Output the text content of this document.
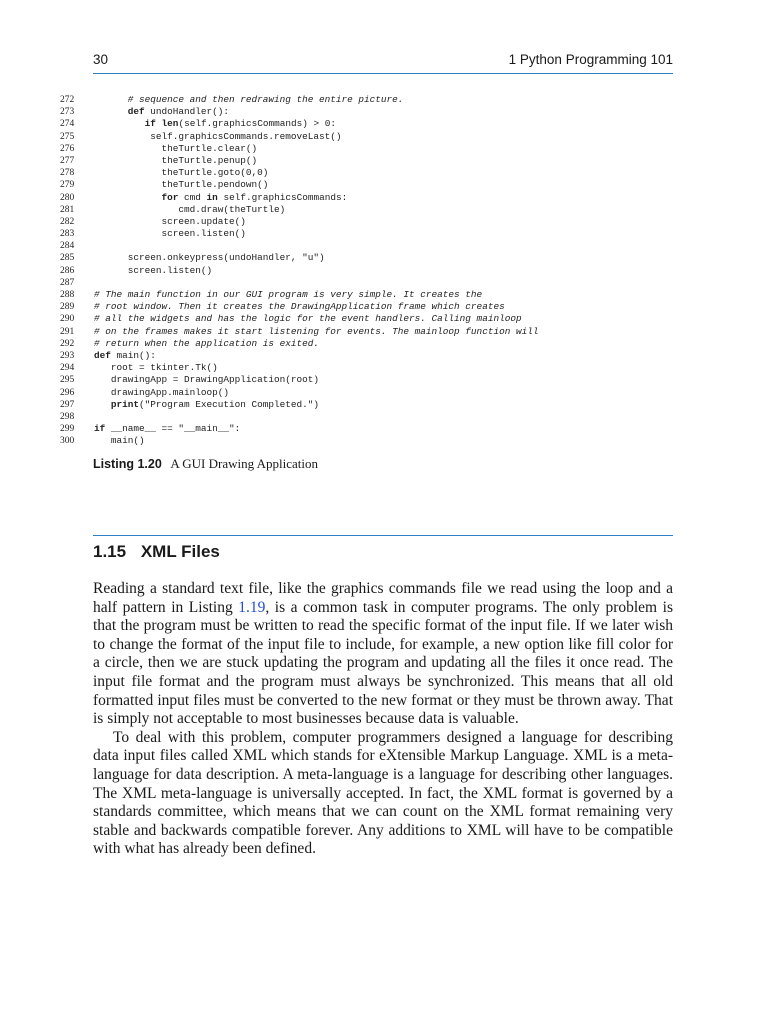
30	1 Python Programming 101
272	# sequence and then redrawing the entire picture.
273	def undoHandler():
274	if len(self.graphicsCommands) > 0:
275	self.graphicsCommands.removeLast()
276	theTurtle.clear()
277	theTurtle.penup()
278	theTurtle.goto(0,0)
279	theTurtle.pendown()
280	for cmd in self.graphicsCommands:
281	cmd.draw(theTurtle)
282	screen.update()
283	screen.listen()
284
285	screen.onkeypress(undoHandler, "u")
286	screen.listen()
287
288 # The main function in our GUI program is very simple. It creates the
289 # root window. Then it creates the DrawingApplication frame which creates
290 # all the widgets and has the logic for the event handlers. Calling mainloop
291 # on the frames makes it start listening for events. The mainloop function will
292 # return when the application is exited.
293 def main():
294	root = tkinter.Tk()
295	drawingApp = DrawingApplication(root)
296	drawingApp.mainloop()
297	print("Program Execution Completed.")
298
299 if __name__ == "__main__":
300	main()
Listing 1.20 A GUI Drawing Application
1.15 XML Files

Reading a standard text file, like the graphics commands file we read using the loop and a half pattern in Listing 1.19, is a common task in computer programs. The only problem is that the program must be written to read the specific format of the input file. If we later wish to change the format of the input file to include, for example, a new option like fill color for a circle, then we are stuck updating the program and updating all the files it once read. The input file format and the program must always be synchronized. This means that all old formatted input files must be converted to the new format or they must be thrown away. That is simply not acceptable to most businesses because data is valuable.

To deal with this problem, computer programmers designed a language for describing data input files called XML which stands for eXtensible Markup Language. XML is a meta-language for data description. A meta-language is a language for describing other languages. The XML meta-language is universally accepted. In fact, the XML format is governed by a standards committee, which means that we can count on the XML format remaining very stable and backwards compatible forever. Any additions to XML will have to be compatible with what has already been defined.
